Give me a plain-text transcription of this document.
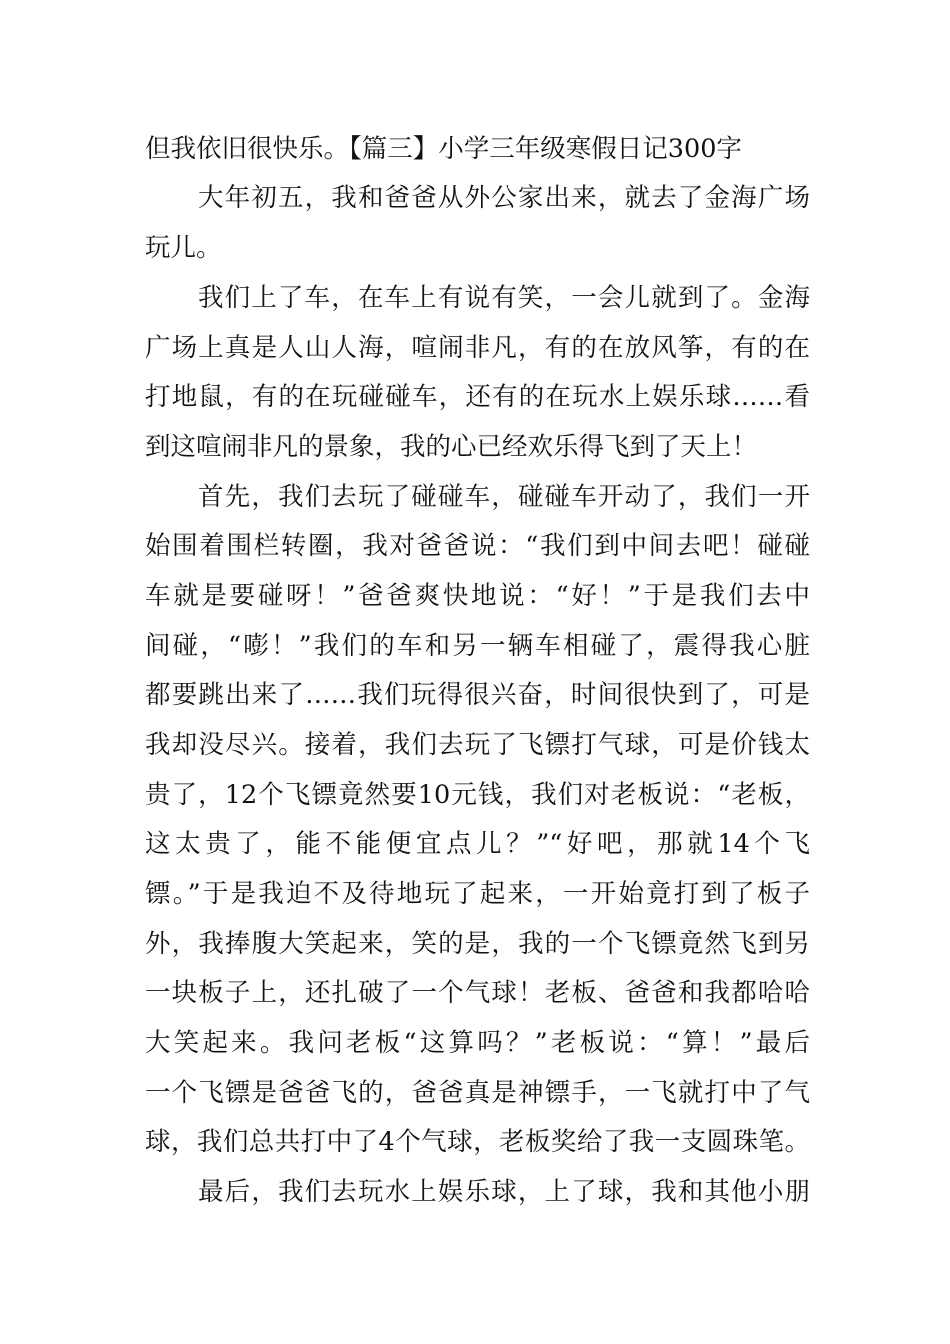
但我依旧很快乐。【篇三】小学三年级寒假日记300字
大年初五，我和爸爸从外公家出来，就去了金海广场
玩儿。
我们上了车，在车上有说有笑，一会儿就到了。金海
广场上真是人山人海，喧闹非凡，有的在放风筝，有的在
打地鼠，有的在玩碰碰车，还有的在玩水上娱乐球……看
到这喧闹非凡的景象，我的心已经欢乐得飞到了天上！
首先，我们去玩了碰碰车，碰碰车开动了，我们一开
始围着围栏转圈，我对爸爸说：“我们到中间去吧！碰碰
车就是要碰呀！”爸爸爽快地说：“好！”于是我们去中
间碰，“嘭！”我们的车和另一辆车相碰了，震得我心脏
都要跳出来了……我们玩得很兴奋，时间很快到了，可是
我却没尽兴。接着，我们去玩了飞镖打气球，可是价钱太
贵了，12个飞镖竟然要10元钱，我们对老板说：“老板，
这太贵了，能不能便宜点儿？”“好吧，那就14个飞
镖。”于是我迫不及待地玩了起来，一开始竟打到了板子
外，我捧腹大笑起来，笑的是，我的一个飞镖竟然飞到另
一块板子上，还扎破了一个气球！老板、爸爸和我都哈哈
大笑起来。我问老板“这算吗？”老板说：“算！”最后
一个飞镖是爸爸飞的，爸爸真是神镖手，一飞就打中了气
球，我们总共打中了4个气球，老板奖给了我一支圆珠笔。
最后，我们去玩水上娱乐球，上了球，我和其他小朋
